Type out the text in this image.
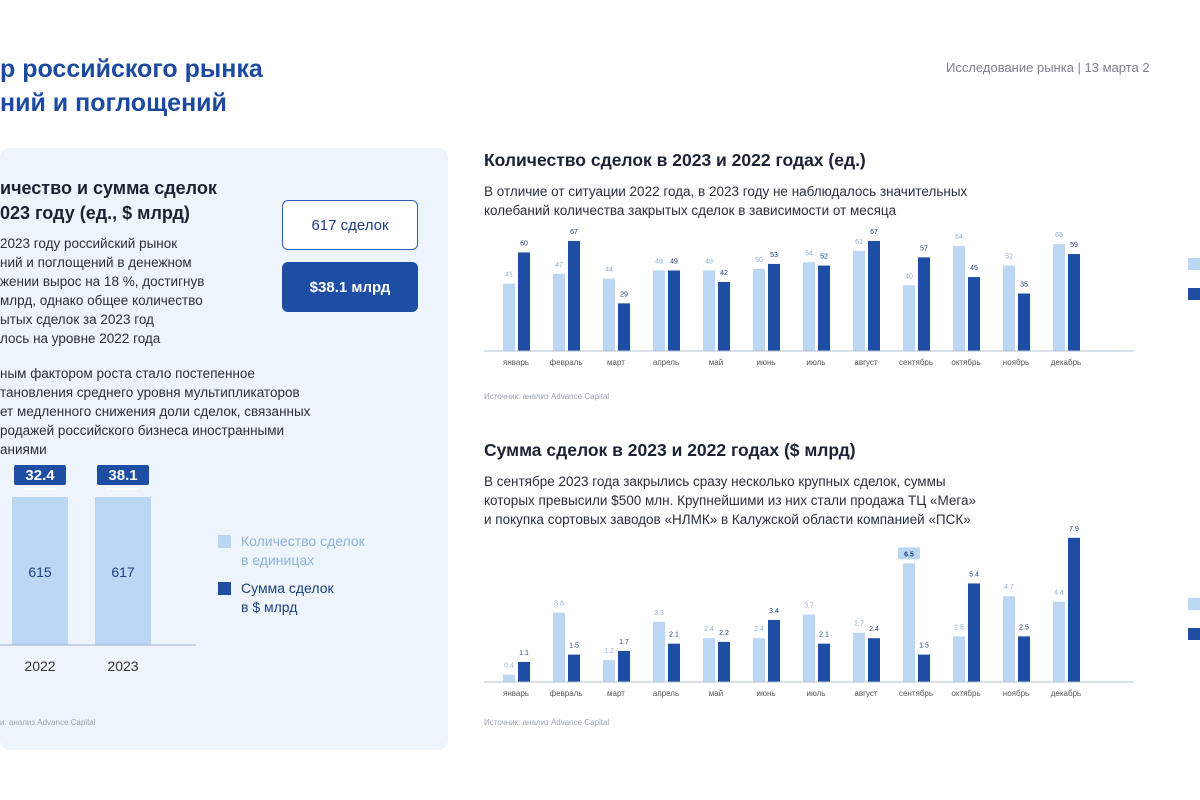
р российского рынка
ний и поглощений
Исследование рынка | 13 марта 2
ичество и сумма сделок
023 году (ед., $ млрд)

2023 году российский рынок
ний и поглощений в денежном
жении вырос на 18 %, достигнув
млрд, однако общее количество
ытых сделок за 2023 год
лось на уровне 2022 года

ным фактором роста стало постепенное
тановления среднего уровня мультипликаторов
ет медленного снижения доли сделок, связанных
родажей российского бизнеса иностранными
аниями

617 сделок
$38.1 млрд
615
32.4
2022
617
38.1
2023
Количество сделок
в единицах
Сумма сделок
в $ млрд
и: анализ Advance Capital
Количество сделок в 2023 и 2022 годах (ед.)

В отличие от ситуации 2022 года, в 2023 году не наблюдалось значительных
колебаний количества закрытых сделок в зависимости от месяца

41
60
январь
47
67
февраль
44
29
март
49 49
апрель
49
42
май
50
53
июнь
54 52
июль
61
67
август
40
57
сентябрь
64
45
октябрь
52
35
ноябрь
65
59
декабрь
Источник: анализ Advance Capital
Сумма сделок в 2023 и 2022 годах ($ млрд)

В сентябре 2023 года закрылись сразу несколько крупных сделок, суммы
которых превысили $500 млн. Крупнейшими из них стали продажа ТЦ «Мега»
и покупка сортовых заводов «НЛМК» в Калужской области компанией «ПСК»

0.4
1.1
январь
3.8
1.5
февраль
1.2
1.7
март
3.3
2.1
апрель
2.4
2.2
май
2.4
3.4
июнь
3.7
2.1
июль
2.7
2.4
август
6.5
1.5
сентябрь
2.5
5.4
октябрь
4.7
2.5
ноябрь
4.4
7.9
декабрь
Источник: анализ Advance Capital
